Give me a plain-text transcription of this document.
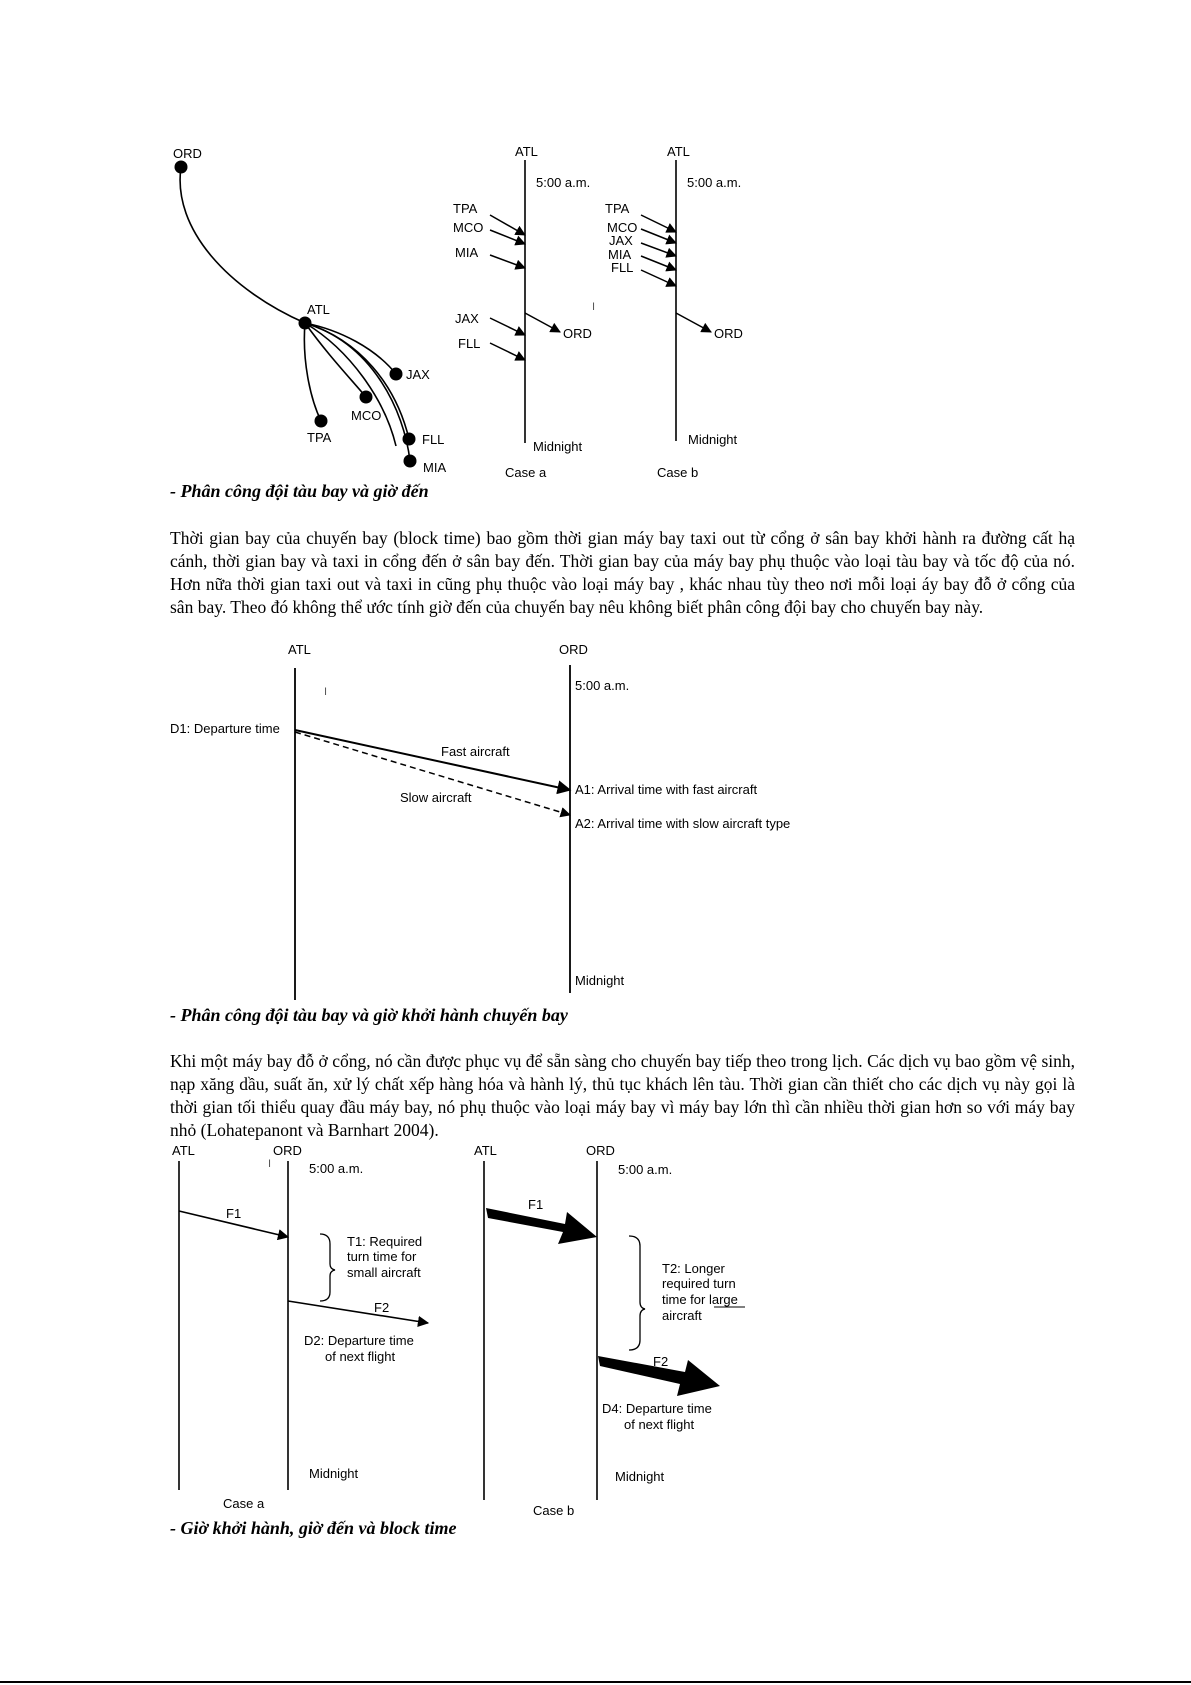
ORD
ATL
JAX
MCO
TPA	FLL
MIA
ATL
5:00 a.m.
TPA
MCO
MIA
JAX
FLL
ORD
Midnight
Case a
ATL
5:00 a.m.
TPA
MCO
JAX
MIA
FLL
ORD
Midnight
Case b
I
ATL	ORD
5:00 a.m.
D1: Departure time
Fast aircraft
Slow aircraft
A1: Arrival time with fast aircraft
A2: Arrival time with slow aircraft type
Midnight
I
ATL	ORD
5:00 a.m.
F1
T1: Required
turn time for
small aircraft
F2
D2: Departure time
of next flight
Midnight
Case a
I
ATL	ORD
5:00 a.m.
F1
T2: Longer
required turn
time for large
aircraft
F2
D4: Departure time
of next flight
Midnight
Case b

- Phân công đội tàu bay và giờ đến

Thời gian bay của chuyến bay (block time) bao gồm thời gian máy bay taxi out từ cổng ở sân bay khởi hành ra đường cất hạ cánh, thời gian bay và taxi in cổng đến ở sân bay đến. Thời gian bay của máy bay phụ thuộc vào loại tàu bay và tốc độ của nó. Hơn nữa thời gian taxi out và taxi in cũng phụ thuộc vào loại máy bay , khác nhau tùy theo nơi mỗi loại áy bay đỗ ở cổng của sân bay. Theo đó không thể ước tính giờ đến của chuyến bay nêu không biết phân công đội bay cho chuyến bay này.

- Phân công đội tàu bay và giờ khởi hành chuyến bay

Khi một máy bay đỗ ở cổng, nó cần được phục vụ để sẵn sàng cho chuyến bay tiếp theo trong lịch. Các dịch vụ bao gồm vệ sinh, nạp xăng dầu, suất ăn, xử lý chất xếp hàng hóa và hành lý, thủ tục khách lên tàu. Thời gian cần thiết cho các dịch vụ này gọi là thời gian tối thiểu quay đầu máy bay, nó phụ thuộc vào loại máy bay vì máy bay lớn thì cần nhiều thời gian hơn so với máy bay nhỏ (Lohatepanont và Barnhart 2004).

- Giờ khởi hành, giờ đến và block time
